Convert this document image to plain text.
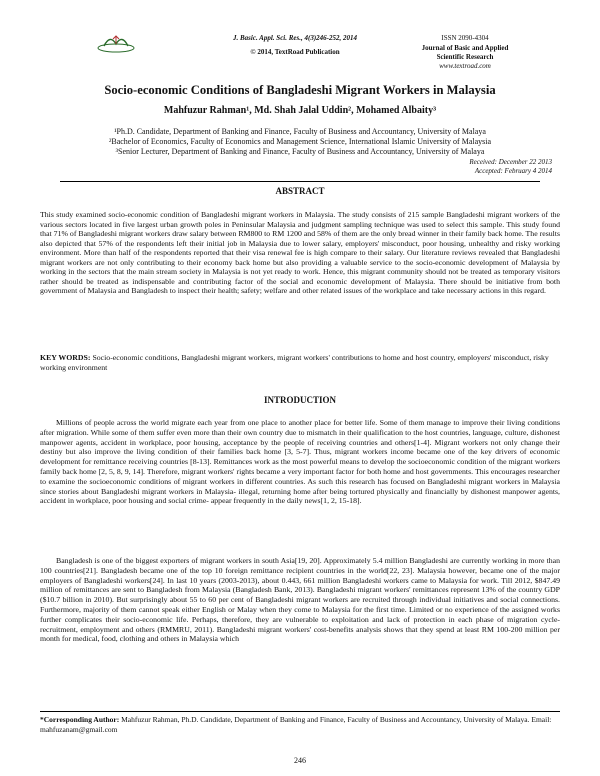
J. Basic. Appl. Sci. Res., 4(3)246-252, 2014
© 2014, TextRoad Publication
ISSN 2090-4304
Journal of Basic and Applied
Scientific Research
www.textroad.com
Socio-economic Conditions of Bangladeshi Migrant Workers in Malaysia
Mahfuzur Rahman¹, Md. Shah Jalal Uddin², Mohamed Albaity³
¹Ph.D. Candidate, Department of Banking and Finance, Faculty of Business and Accountancy, University of Malaya
²Bachelor of Economics, Faculty of Economics and Management Science, International Islamic University of Malaysia
³Senior Lecturer, Department of Banking and Finance, Faculty of Business and Accountancy, University of Malaya
Received: December 22 2013
Accepted: February 4 2014
ABSTRACT

This study examined socio-economic condition of Bangladeshi migrant workers in Malaysia. The study consists of 215 sample Bangladeshi migrant workers of the various sectors located in five largest urban growth poles in Peninsular Malaysia and judgment sampling technique was used to select this sample. This study found that 71% of Bangladeshi migrant workers draw salary between RM800 to RM 1200 and 58% of them are the only bread winner in their family back home. The results also depicted that 57% of the respondents left their initial job in Malaysia due to lower salary, employers' misconduct, poor housing, unhealthy and risky working environment. More than half of the respondents reported that their visa renewal fee is high compare to their salary. Our literature reviews revealed that Bangladeshi migrant workers are not only contributing to their economy back home but also providing a valuable service to the socio-economic development of Malaysia by working in the sectors that the main stream society in Malaysia is not yet ready to work. Hence, this migrant community should not be treated as temporary visitors rather should be treated as indispensable and contributing factor of the social and economic development of Malaysia. There should be initiative from both government of Malaysia and Bangladesh to inspect their health; safety; welfare and other related issues of the workplace and take necessary actions in this regard.

KEY WORDS: Socio-economic conditions, Bangladeshi migrant workers, migrant workers' contributions to home and host country, employers' misconduct, risky working environment
INTRODUCTION

Millions of people across the world migrate each year from one place to another place for better life. Some of them manage to improve their living conditions after migration. While some of them suffer even more than their own country due to mismatch in their qualification to the host countries, language, culture, dishonest manpower agents, accident in workplace, poor housing, acceptance by the people of receiving countries and others[1-4]. Migrant workers not only change their destiny but also improve the living condition of their families back home [3, 5-7]. Thus, migrant workers income became one of the key drivers of economic development for remittance receiving countries [8-13]. Remittances work as the most powerful means to develop the socioeconomic condition of the migrant workers family back home [2, 5, 8, 9, 14]. Therefore, migrant workers' rights became a very important factor for both home and host governments. This encourages researcher to examine the socioeconomic conditions of migrant workers in different countries. As such this research has focused on Bangladeshi migrant workers in Malaysia since stories about Bangladeshi migrant workers in Malaysia- illegal, returning home after being tortured physically and financially by dishonest manpower agents, accident in workplace, poor housing and social crime- appear frequently in the daily news[1, 2, 15-18].

Bangladesh is one of the biggest exporters of migrant workers in south Asia[19, 20]. Approximately 5.4 million Bangladeshi are currently working in more than 100 countries[21]. Bangladesh became one of the top 10 foreign remittance recipient countries in the world[22, 23]. Malaysia however, became one of the major employers of Bangladeshi workers[24]. In last 10 years (2003-2013), about 0.443, 661 million Bangladeshi workers came to Malaysia for work. Till 2012, $847.49 million of remittances are sent to Bangladesh from Malaysia (Bangladesh Bank, 2013). Bangladeshi migrant workers' remittances represent 13% of the country GDP ($10.7 billion in 2010). But surprisingly about 55 to 60 per cent of Bangladeshi migrant workers are recruited through individual initiatives and social connections. Furthermore, majority of them cannot speak either English or Malay when they come to Malaysia for the first time. Limited or no experience of the assigned works further complicates their socio-economic life. Perhaps, therefore, they are vulnerable to exploitation and lack of protection in each phase of migration cycle-recruitment, employment and others (RMMRU, 2011). Bangladeshi migrant workers' cost-benefits analysis shows that they spend at least RM 100-200 million per month for medical, food, clothing and others in Malaysia which

*Corresponding Author: Mahfuzur Rahman, Ph.D. Candidate, Department of Banking and Finance, Faculty of Business and Accountancy, University of Malaya. Email: mahfuzanam@gmail.com
246
